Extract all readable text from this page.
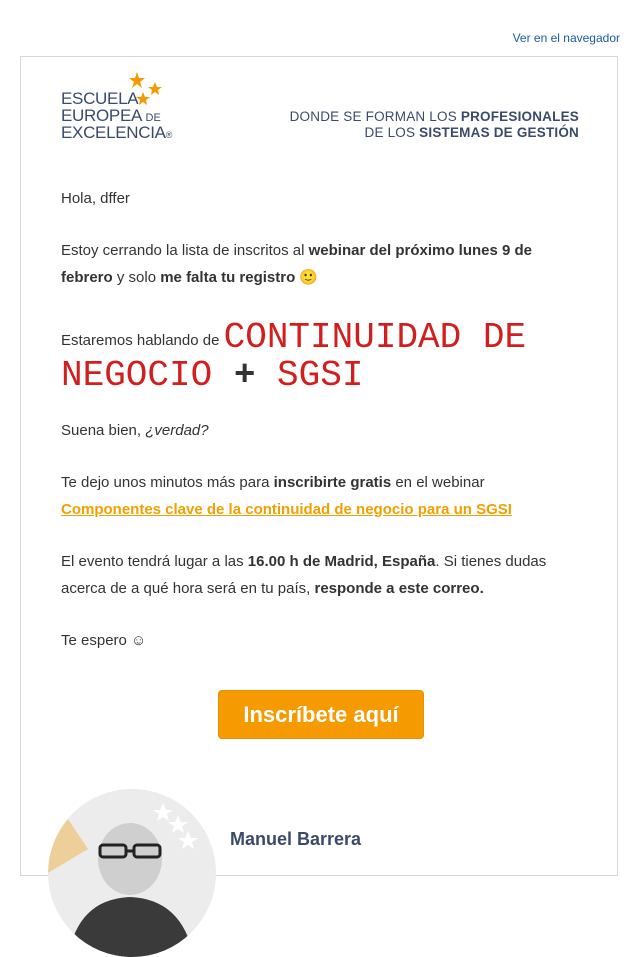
Ver en el navegador
ESCUELA
EUROPEA DE
EXCELENCIA®
DONDE SE FORMAN LOS PROFESIONALES
DE LOS SISTEMAS DE GESTIÓN
Hola, dffer
Estoy cerrando la lista de inscritos al webinar del próximo lunes 9 de febrero y solo me falta tu registro 🙂
Estaremos hablando de CONTINUIDAD DE NEGOCIO + SGSI
Suena bien, ¿verdad?
Te dejo unos minutos más para inscribirte gratis en el webinar Componentes clave de la continuidad de negocio para un SGSI
El evento tendrá lugar a las 16.00 h de Madrid, España. Si tienes dudas acerca de a qué hora será en tu país, responde a este correo.
Te espero ☺
Inscríbete aquí
Manuel Barrera
